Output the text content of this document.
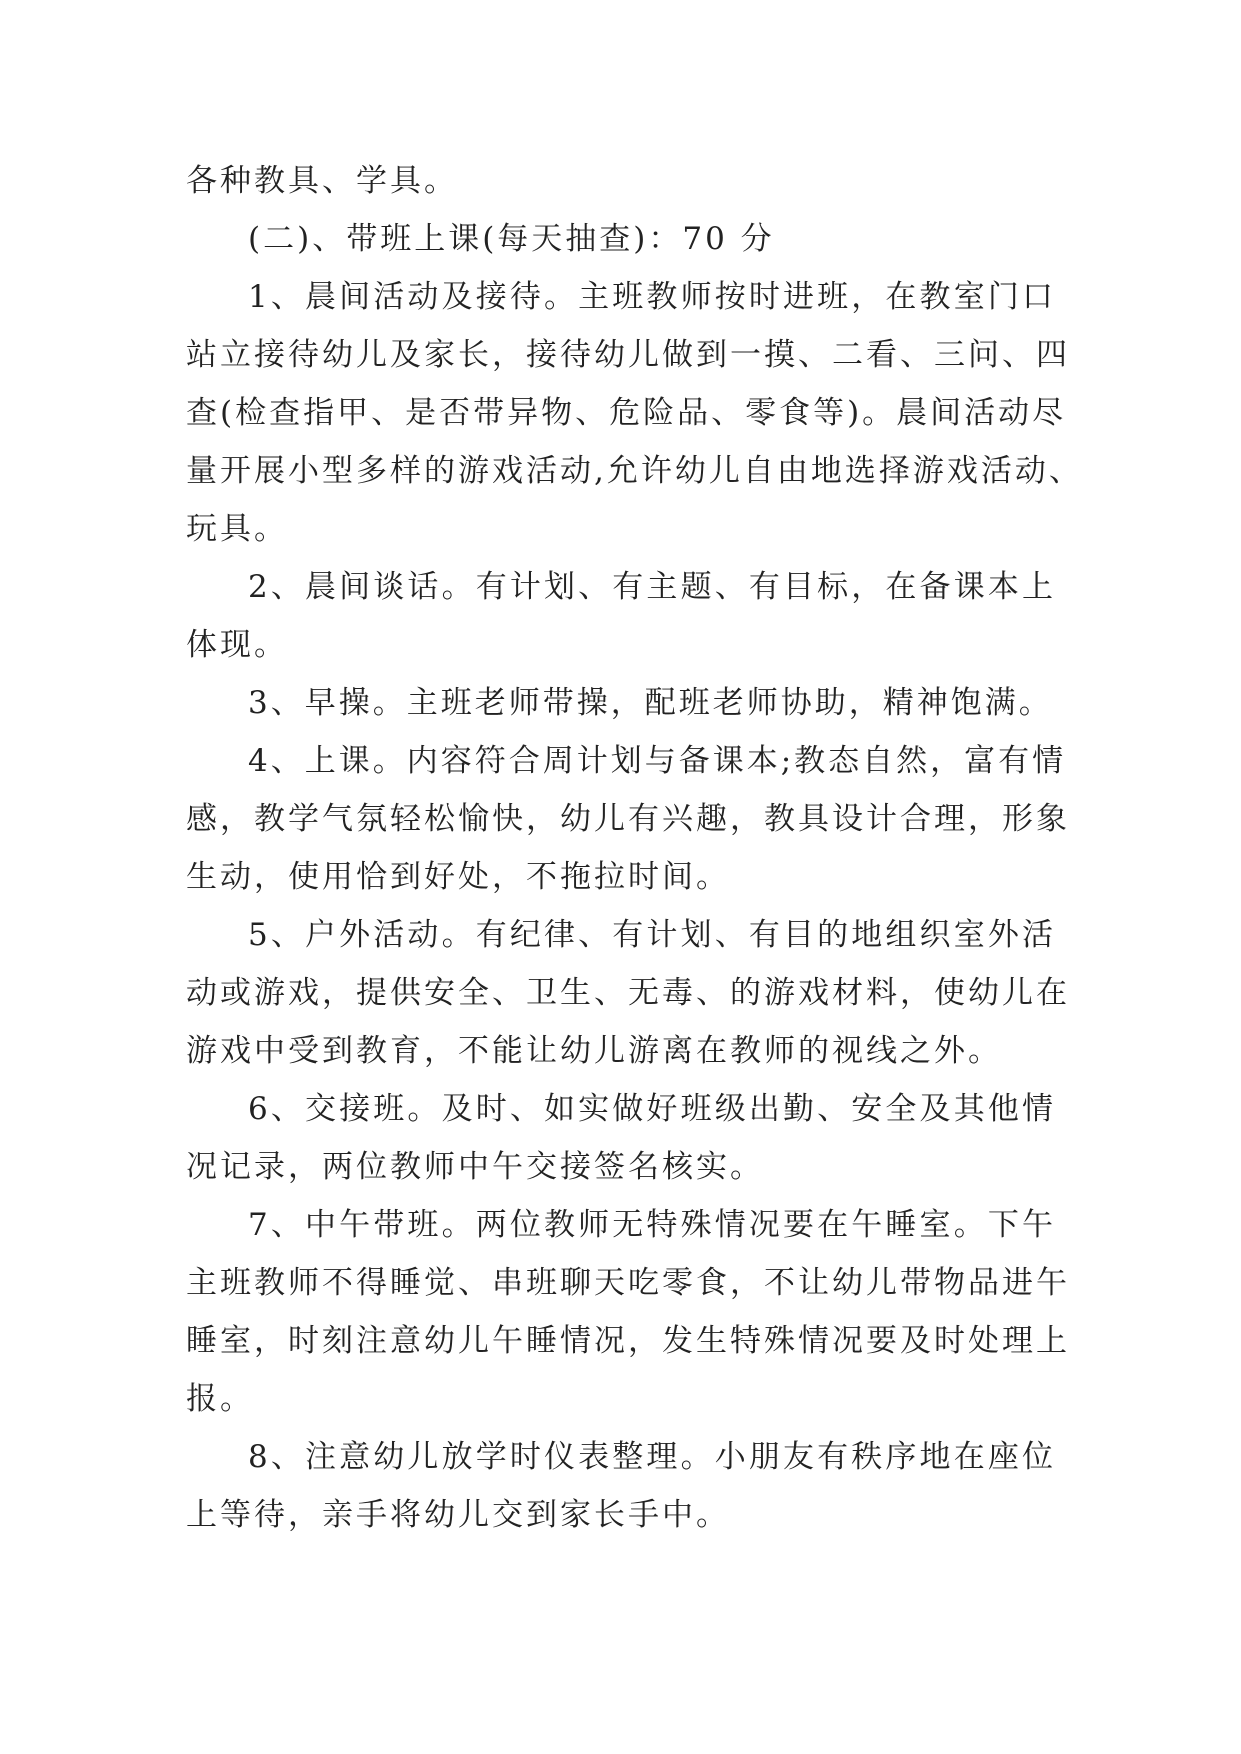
各种教具、学具。
(二)、带班上课(每天抽查)：70 分
1、晨间活动及接待。主班教师按时进班，在教室门口
站立接待幼儿及家长，接待幼儿做到一摸、二看、三问、四
查(检查指甲、是否带异物、危险品、零食等)。晨间活动尽
量开展小型多样的游戏活动,允许幼儿自由地选择游戏活动、
玩具。
2、晨间谈话。有计划、有主题、有目标，在备课本上
体现。
3、早操。主班老师带操，配班老师协助，精神饱满。
4、上课。内容符合周计划与备课本;教态自然，富有情
感，教学气氛轻松愉快，幼儿有兴趣，教具设计合理，形象
生动，使用恰到好处，不拖拉时间。
5、户外活动。有纪律、有计划、有目的地组织室外活
动或游戏，提供安全、卫生、无毒、的游戏材料，使幼儿在
游戏中受到教育，不能让幼儿游离在教师的视线之外。
6、交接班。及时、如实做好班级出勤、安全及其他情
况记录，两位教师中午交接签名核实。
7、中午带班。两位教师无特殊情况要在午睡室。下午
主班教师不得睡觉、串班聊天吃零食，不让幼儿带物品进午
睡室，时刻注意幼儿午睡情况，发生特殊情况要及时处理上
报。
8、注意幼儿放学时仪表整理。小朋友有秩序地在座位
上等待，亲手将幼儿交到家长手中。
